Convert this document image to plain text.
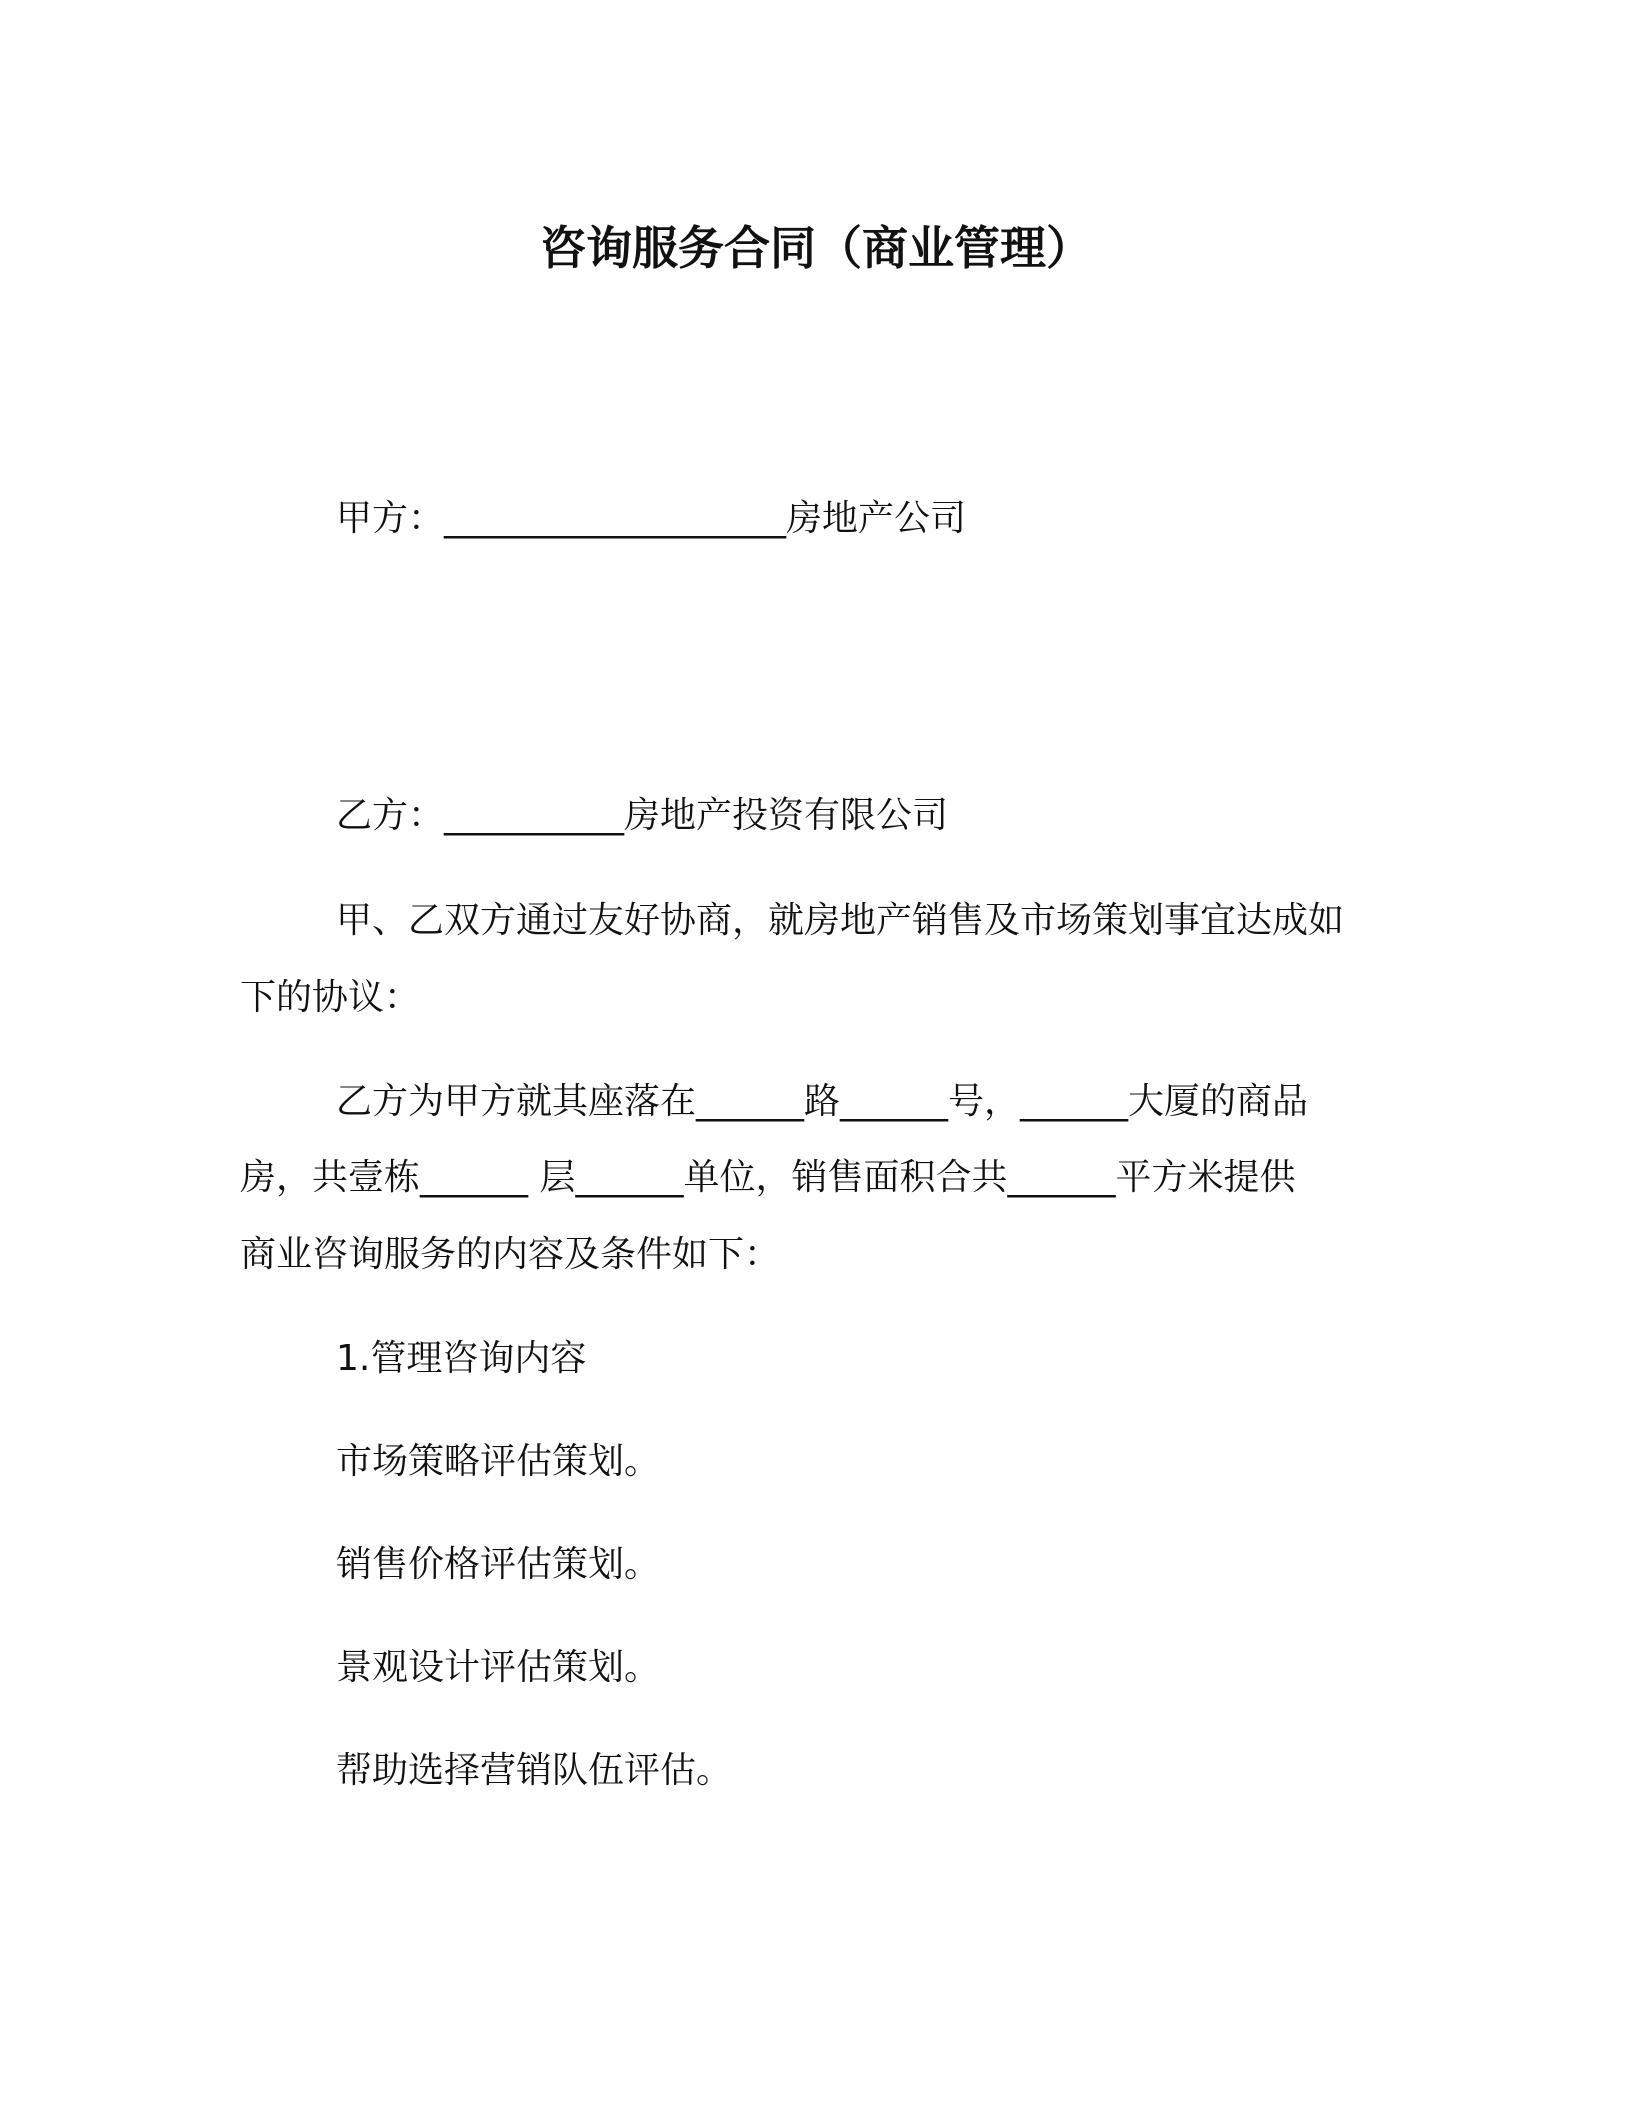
咨询服务合同（商业管理）
甲方：___________________房地产公司
乙方：__________房地产投资有限公司
甲、乙双方通过友好协商，就房地产销售及市场策划事宜达成如
下的协议：
乙方为甲方就其座落在______路______号，______大厦的商品
房，共壹栋______ 层______单位，销售面积合共______平方米提供
商业咨询服务的内容及条件如下：
1.管理咨询内容
市场策略评估策划。
销售价格评估策划。
景观设计评估策划。
帮助选择营销队伍评估。
